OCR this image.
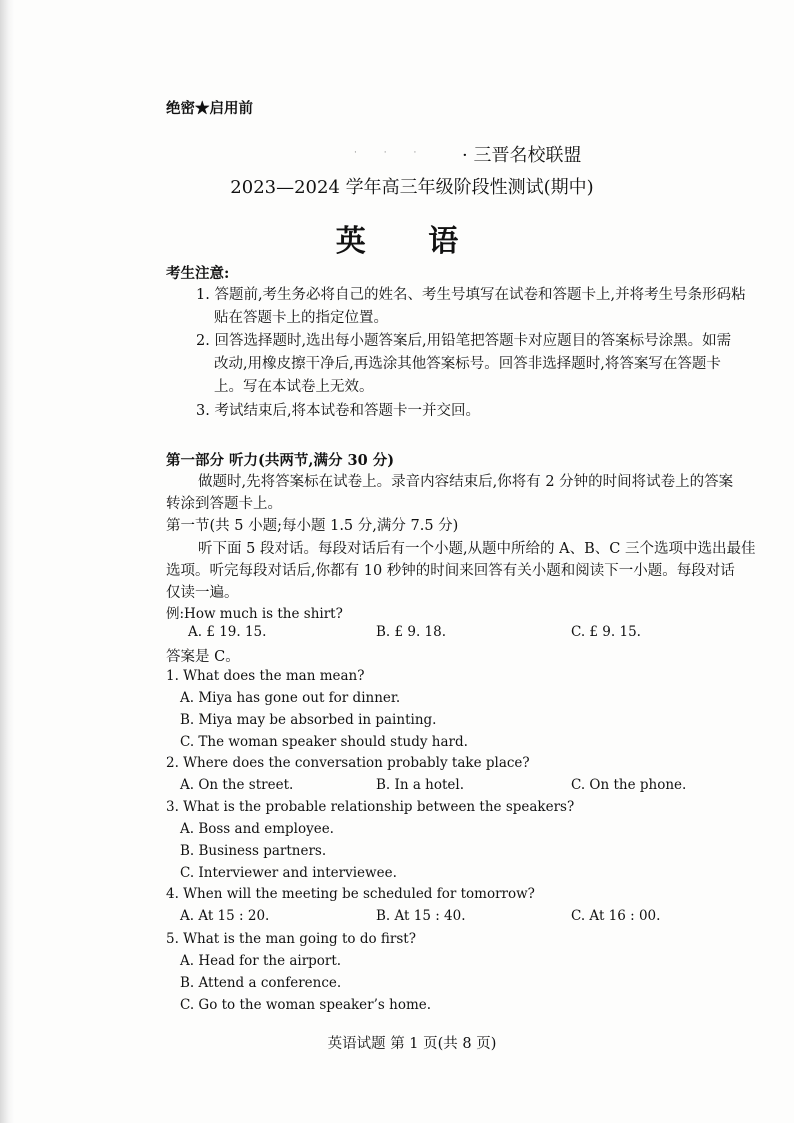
绝密★启用前
· · · · 三晋名校联盟
2023—2024 学年高三年级阶段性测试(期中)
英 语
考生注意:
1. 答题前,考生务必将自己的姓名、考生号填写在试卷和答题卡上,并将考生号条形码粘
贴在答题卡上的指定位置。
2. 回答选择题时,选出每小题答案后,用铅笔把答题卡对应题目的答案标号涂黑。如需
改动,用橡皮擦干净后,再选涂其他答案标号。回答非选择题时,将答案写在答题卡
上。写在本试卷上无效。
3. 考试结束后,将本试卷和答题卡一并交回。
第一部分 听力(共两节,满分 30 分)
做题时,先将答案标在试卷上。录音内容结束后,你将有 2 分钟的时间将试卷上的答案
转涂到答题卡上。
第一节(共 5 小题;每小题 1.5 分,满分 7.5 分)
听下面 5 段对话。每段对话后有一个小题,从题中所给的 A、B、C 三个选项中选出最佳
选项。听完每段对话后,你都有 10 秒钟的时间来回答有关小题和阅读下一小题。每段对话
仅读一遍。
例:How much is the shirt?
A. £ 19. 15.	B. £ 9. 18.	C. £ 9. 15.
答案是 C。
1. What does the man mean?
A. Miya has gone out for dinner.
B. Miya may be absorbed in painting.
C. The woman speaker should study hard.
2. Where does the conversation probably take place?
A. On the street.	B. In a hotel.	C. On the phone.
3. What is the probable relationship between the speakers?
A. Boss and employee.
B. Business partners.
C. Interviewer and interviewee.
4. When will the meeting be scheduled for tomorrow?
A. At 15 : 20.	B. At 15 : 40.	C. At 16 : 00.
5. What is the man going to do first?
A. Head for the airport.
B. Attend a conference.
C. Go to the woman speaker’s home.
英语试题 第 1 页(共 8 页)
